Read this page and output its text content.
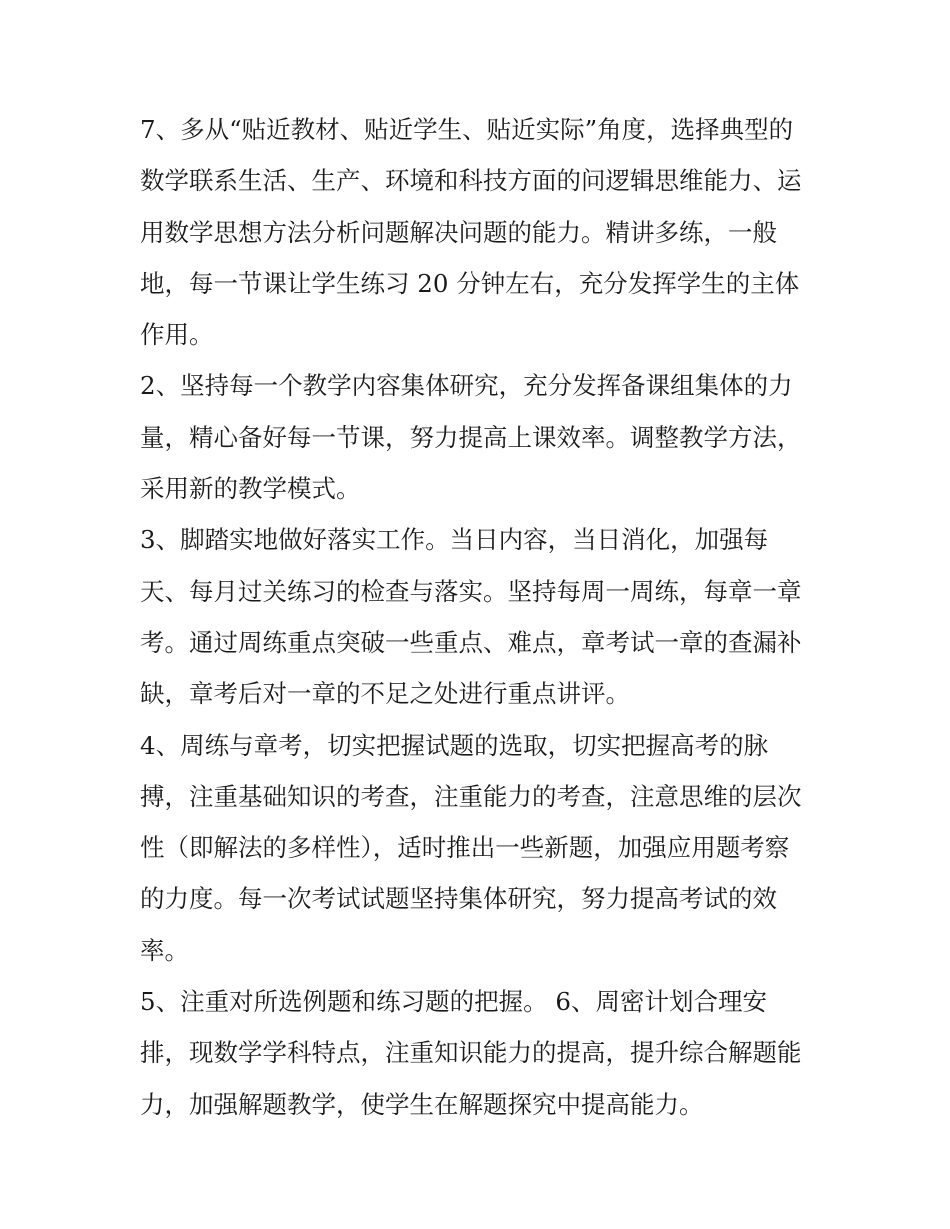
7、多从“贴近教材、贴近学生、贴近实际”角度，选择典型的
数学联系生活、生产、环境和科技方面的问逻辑思维能力、运
用数学思想方法分析问题解决问题的能力。精讲多练，一般
地，每一节课让学生练习 20 分钟左右，充分发挥学生的主体
作用。
2、坚持每一个教学内容集体研究，充分发挥备课组集体的力
量，精心备好每一节课，努力提高上课效率。调整教学方法，
采用新的教学模式。
3、脚踏实地做好落实工作。当日内容，当日消化，加强每
天、每月过关练习的检查与落实。坚持每周一周练，每章一章
考。通过周练重点突破一些重点、难点，章考试一章的查漏补
缺，章考后对一章的不足之处进行重点讲评。
4、周练与章考，切实把握试题的选取，切实把握高考的脉
搏，注重基础知识的考查，注重能力的考查，注意思维的层次
性（即解法的多样性），适时推出一些新题，加强应用题考察
的力度。每一次考试试题坚持集体研究，努力提高考试的效
率。
5、注重对所选例题和练习题的把握。 6、周密计划合理安
排，现数学学科特点，注重知识能力的提高，提升综合解题能
力，加强解题教学，使学生在解题探究中提高能力。
